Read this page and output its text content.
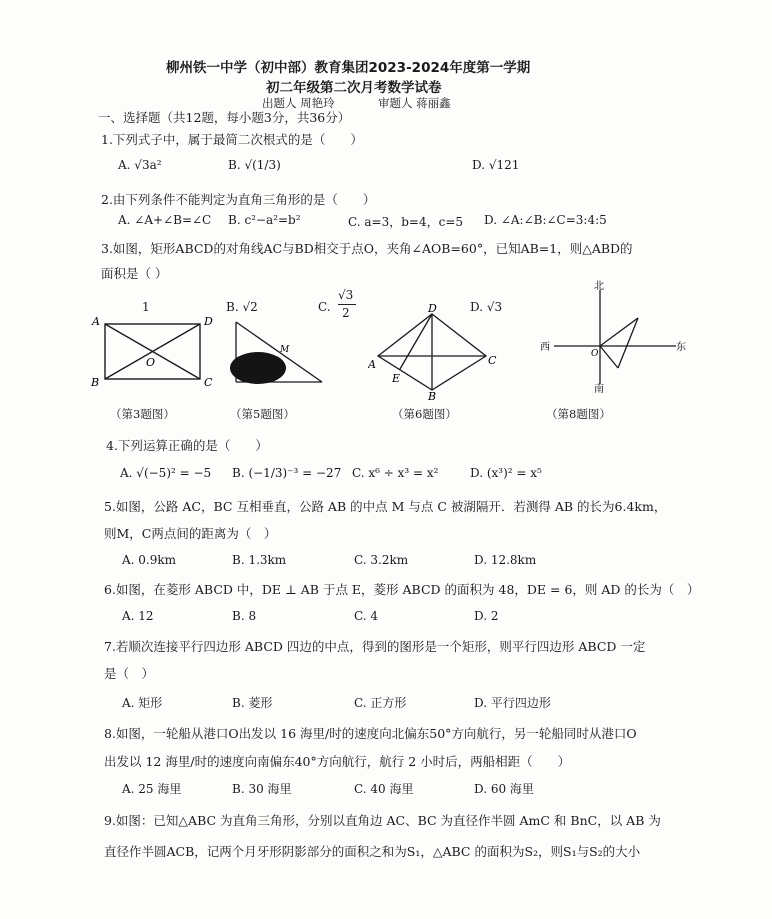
柳州铁一中学（初中部）教育集团2023-2024年度第一学期
初二年级第二次月考数学试卷
出题人 周艳玲	审题人 蒋丽鑫
一、选择题（共12题，每小题3分，共36分）
1.下列式子中，属于最简二次根式的是（　　）
A. √3a²	B. √(1/3)	D. √121
2.由下列条件不能判定为直角三角形的是（　　）
A. ∠A+∠B=∠C B. c²−a²=b²	C. a=3，b=4，c=5 D. ∠A:∠B:∠C=3:4:5
3.如图，矩形ABCD的对角线AC与BD相交于点O，夹角∠AOB=60°，已知AB=1，则△ABD的
面积是（ ）
1	B. √2	C.
√3
2	D. √3
A	D
B	C
O
M
D
A	C
E
B
北
西	东
南
O
（第3题图）	（第5题图）	（第6题图）	（第8题图）
4.下列运算正确的是（　　）
A. √(−5)² = −5 B. (−1/3)⁻³ = −27 C. x⁶ ÷ x³ = x²	D. (x³)² = x⁵
5.如图，公路 AC，BC 互相垂直，公路 AB 的中点 M 与点 C 被湖隔开．若测得 AB 的长为6.4km，
则M，C两点间的距离为（　）
A. 0.9km	B. 1.3km	C. 3.2km	D. 12.8km
6.如图，在菱形 ABCD 中，DE ⊥ AB 于点 E，菱形 ABCD 的面积为 48，DE = 6，则 AD 的长为（　）
A. 12	B. 8	C. 4	D. 2
7.若顺次连接平行四边形 ABCD 四边的中点，得到的图形是一个矩形，则平行四边形 ABCD 一定
是（　）
A. 矩形	B. 菱形	C. 正方形	D. 平行四边形
8.如图，一轮船从港口O出发以 16 海里/时的速度向北偏东50°方向航行，另一轮船同时从港口O
出发以 12 海里/时的速度向南偏东40°方向航行，航行 2 小时后，两船相距（　　）
A. 25 海里	B. 30 海里	C. 40 海里	D. 60 海里
9.如图：已知△ABC 为直角三角形，分别以直角边 AC、BC 为直径作半圆 AmC 和 BnC，以 AB 为
直径作半圆ACB，记两个月牙形阴影部分的面积之和为S₁，△ABC 的面积为S₂，则S₁与S₂的大小
